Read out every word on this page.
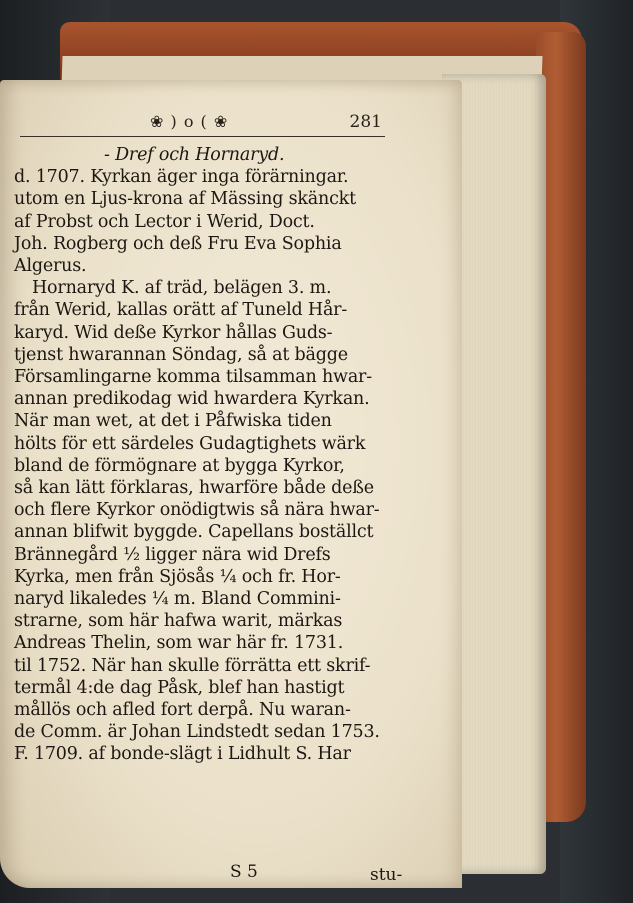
❀ ) o ( ❀	281
- Dref och Hornaryd.
d. 1707. Kyrkan äger inga förärningar.
utom en Ljus-krona af Mässing skänckt
af Probst och Lector i Werid, Doct.
Joh. Rogberg och deß Fru Eva Sophia
Algerus.
Hornaryd K. af träd, belägen 3. m.
från Werid, kallas orätt af Tuneld Hår-
karyd. Wid deße Kyrkor hållas Guds-
tjenst hwarannan Söndag, så at bägge
Församlingarne komma tilsamman hwar-
annan predikodag wid hwardera Kyrkan.
När man wet, at det i Påfwiska tiden
hölts för ett särdeles Gudagtighets wärk
bland de förmögnare at bygga Kyrkor,
så kan lätt förklaras, hwarföre både deße
och flere Kyrkor onödigtwis så nära hwar-
annan blifwit byggde. Capellans boställct
Brännegård ½ ligger nära wid Drefs
Kyrka, men från Sjösås ¼ och fr. Hor-
naryd likaledes ¼ m. Bland Commini-
strarne, som här hafwa warit, märkas
Andreas Thelin, som war här fr. 1731.
til 1752. När han skulle förrätta ett skrif-
termål 4:de dag Påsk, blef han hastigt
mållös och afled fort derpå. Nu waran-
de Comm. är Johan Lindstedt sedan 1753.
F. 1709. af bonde-slägt i Lidhult S. Har
S 5	stu-
